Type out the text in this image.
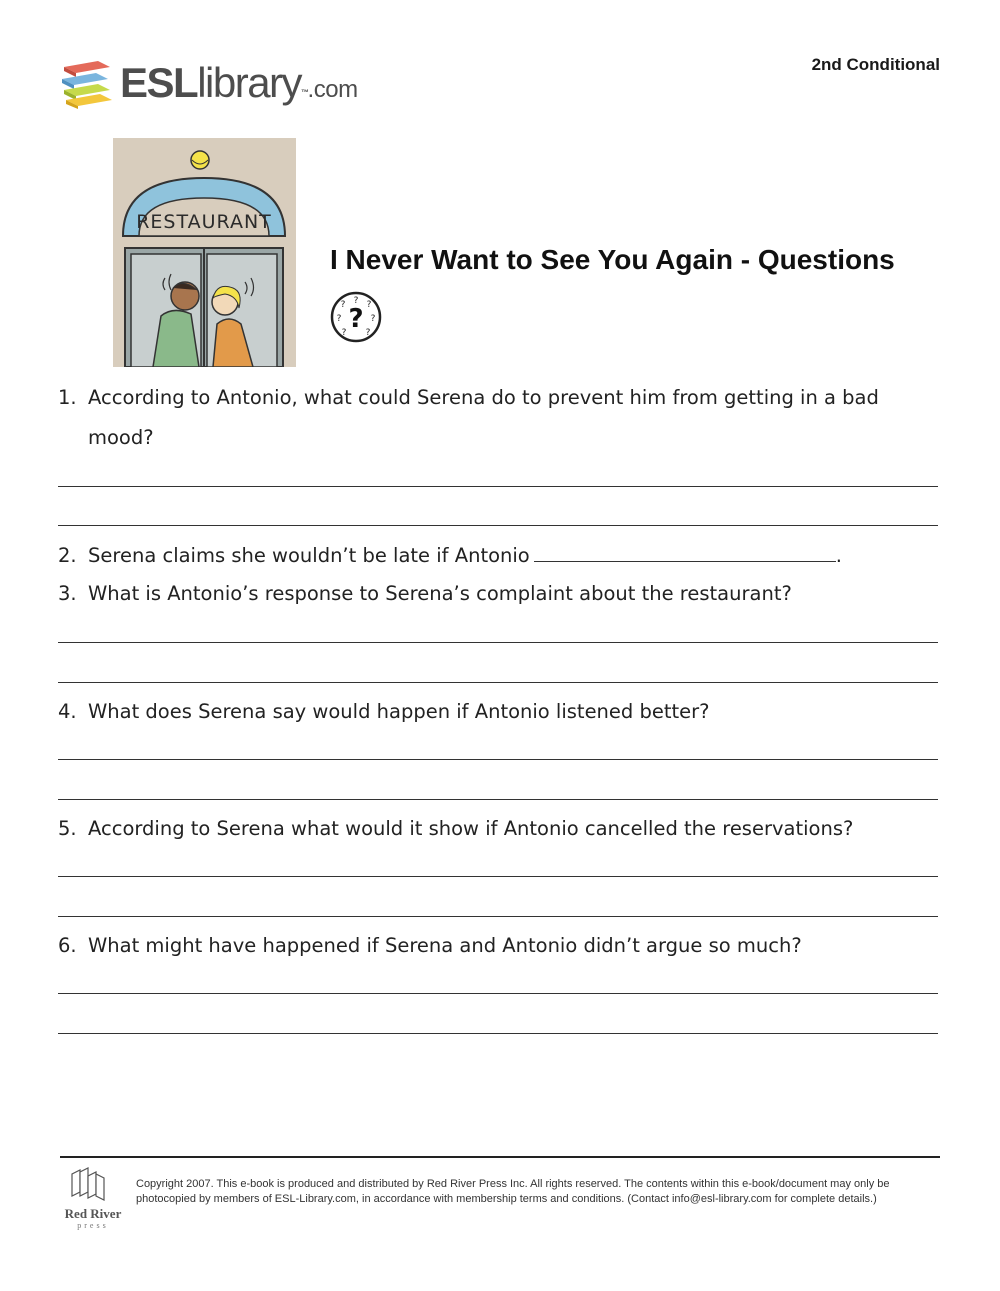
ESLlibrary™.com
2nd Conditional
RESTAURANT
I Never Want to See You Again - Questions
?
? ? ?
?	?
? ?
1. According to Antonio, what could Serena do to prevent him from getting in a bad mood?
2. Serena claims she wouldn’t be late if Antonio	.
3. What is Antonio’s response to Serena’s complaint about the restaurant?
4. What does Serena say would happen if Antonio listened better?
5. According to Serena what would it show if Antonio cancelled the reservations?
6. What might have happened if Serena and Antonio didn’t argue so much?
Red River
press
Copyright 2007. This e-book is produced and distributed by Red River Press Inc. All rights reserved. The contents within this e-book/document may only be photocopied by members of ESL-Library.com, in accordance with membership terms and conditions. (Contact info@esl-library.com for complete details.)
